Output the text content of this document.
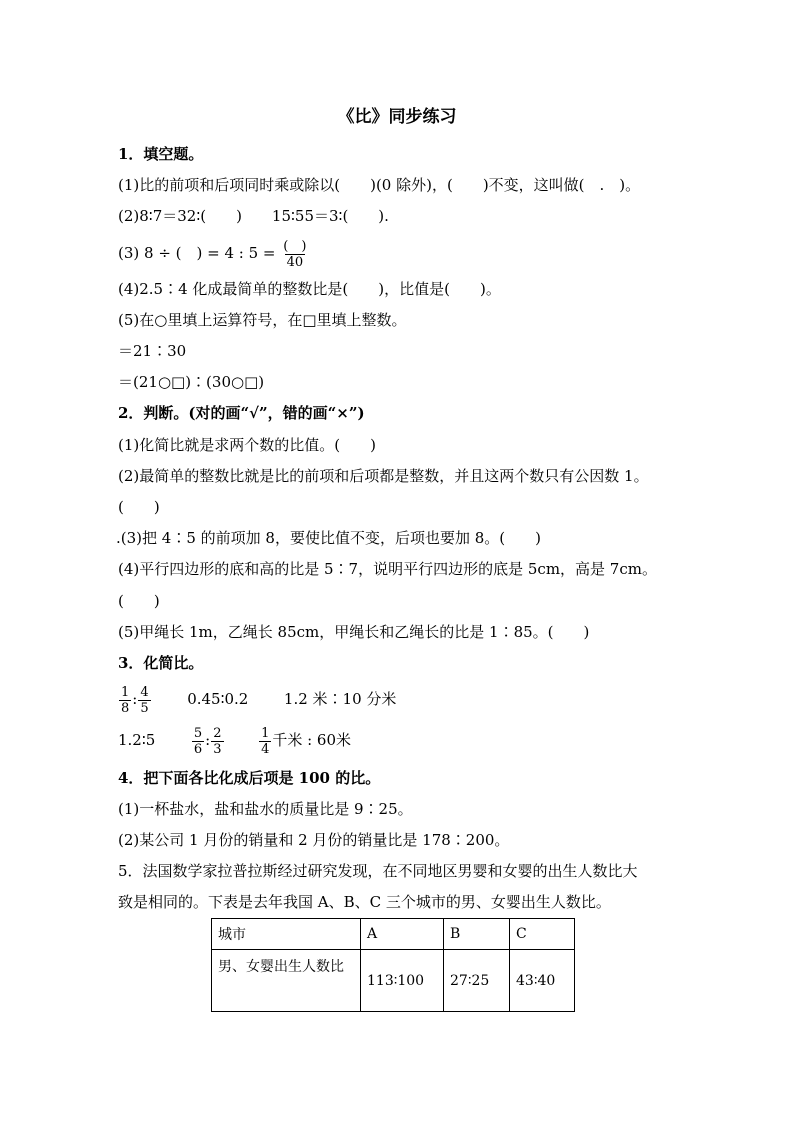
《比》同步练习
1．填空题。
(1)比的前项和后项同时乘或除以(　　)(0 除外)，(　　)不变，这叫做(　.　)。
(2)8∶7＝32∶(　　)　　15∶55＝3∶(　　).
(3) 8 ÷ (　) = 4 : $5 = \frac{( )}{40}$
(4)2.5∶4 化成最简单的整数比是(　　)，比值是(　　)。
(5)在○里填上运算符号，在□里填上整数。
＝21∶30
＝(21○□)∶(30○□)
2．判断。(对的画“√”，错的画“×”)
(1)化简比就是求两个数的比值。(　　)
(2)最简单的整数比就是比的前项和后项都是整数，并且这两个数只有公因数 1。
(　　)
.(3)把 4∶5 的前项加 8，要使比值不变，后项也要加 8。(　　)
(4)平行四边形的底和高的比是 5∶7，说明平行四边形的底是 5cm，高是 7cm。
(　　)
(5)甲绳长 1m，乙绳长 85cm，甲绳长和乙绳长的比是 1∶85。(　　)
3．化简比。
$\frac{1}{8}$ : $\frac{4}{5}$ 0.45∶0.2 1.2 米∶10 分米
1.2∶5	$\frac{5}{6}$ : $\frac{2}{3}$
	$\frac{1}{4}$ 千米 : 60米
4．把下面各比化成后项是 100 的比。
(1)一杯盐水，盐和盐水的质量比是 9∶25。
(2)某公司 1 月份的销量和 2 月份的销量比是 178∶200。
5．法国数学家拉普拉斯经过研究发现，在不同地区男婴和女婴的出生人数比大
致是相同的。下表是去年我国 A、B、C 三个城市的男、女婴出生人数比。
城市	A	B	C
男、女婴出生人数比	113∶100	27∶25	43∶40
